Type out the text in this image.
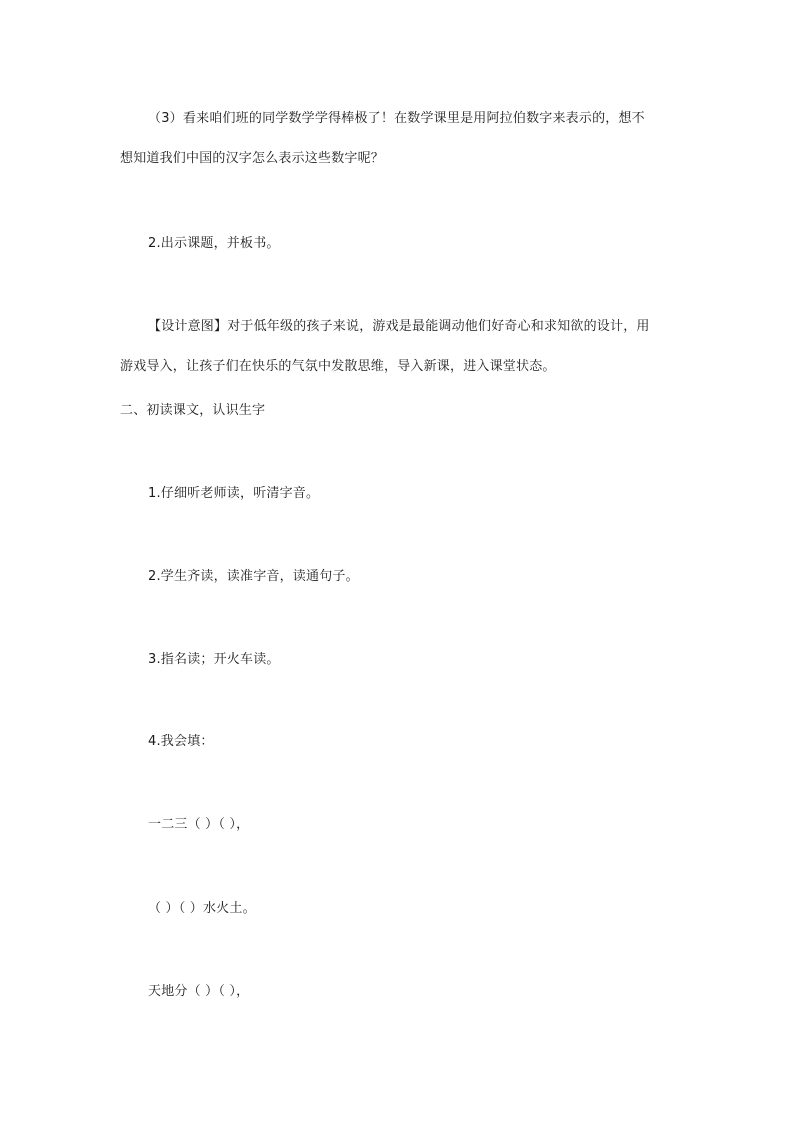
（3）看来咱们班的同学数学学得棒极了！在数学课里是用阿拉伯数字来表示的，想不
想知道我们中国的汉字怎么表示这些数字呢？
2.出示课题，并板书。
【设计意图】对于低年级的孩子来说，游戏是最能调动他们好奇心和求知欲的设计，用
游戏导入，让孩子们在快乐的气氛中发散思维，导入新课，进入课堂状态。
二、初读课文，认识生字
1.仔细听老师读，听清字音。
2.学生齐读，读准字音，读通句子。
3.指名读；开火车读。
4.我会填：
一二三（ ）（ ），
（ ）（ ）水火土。
天地分（ ）（ ），
